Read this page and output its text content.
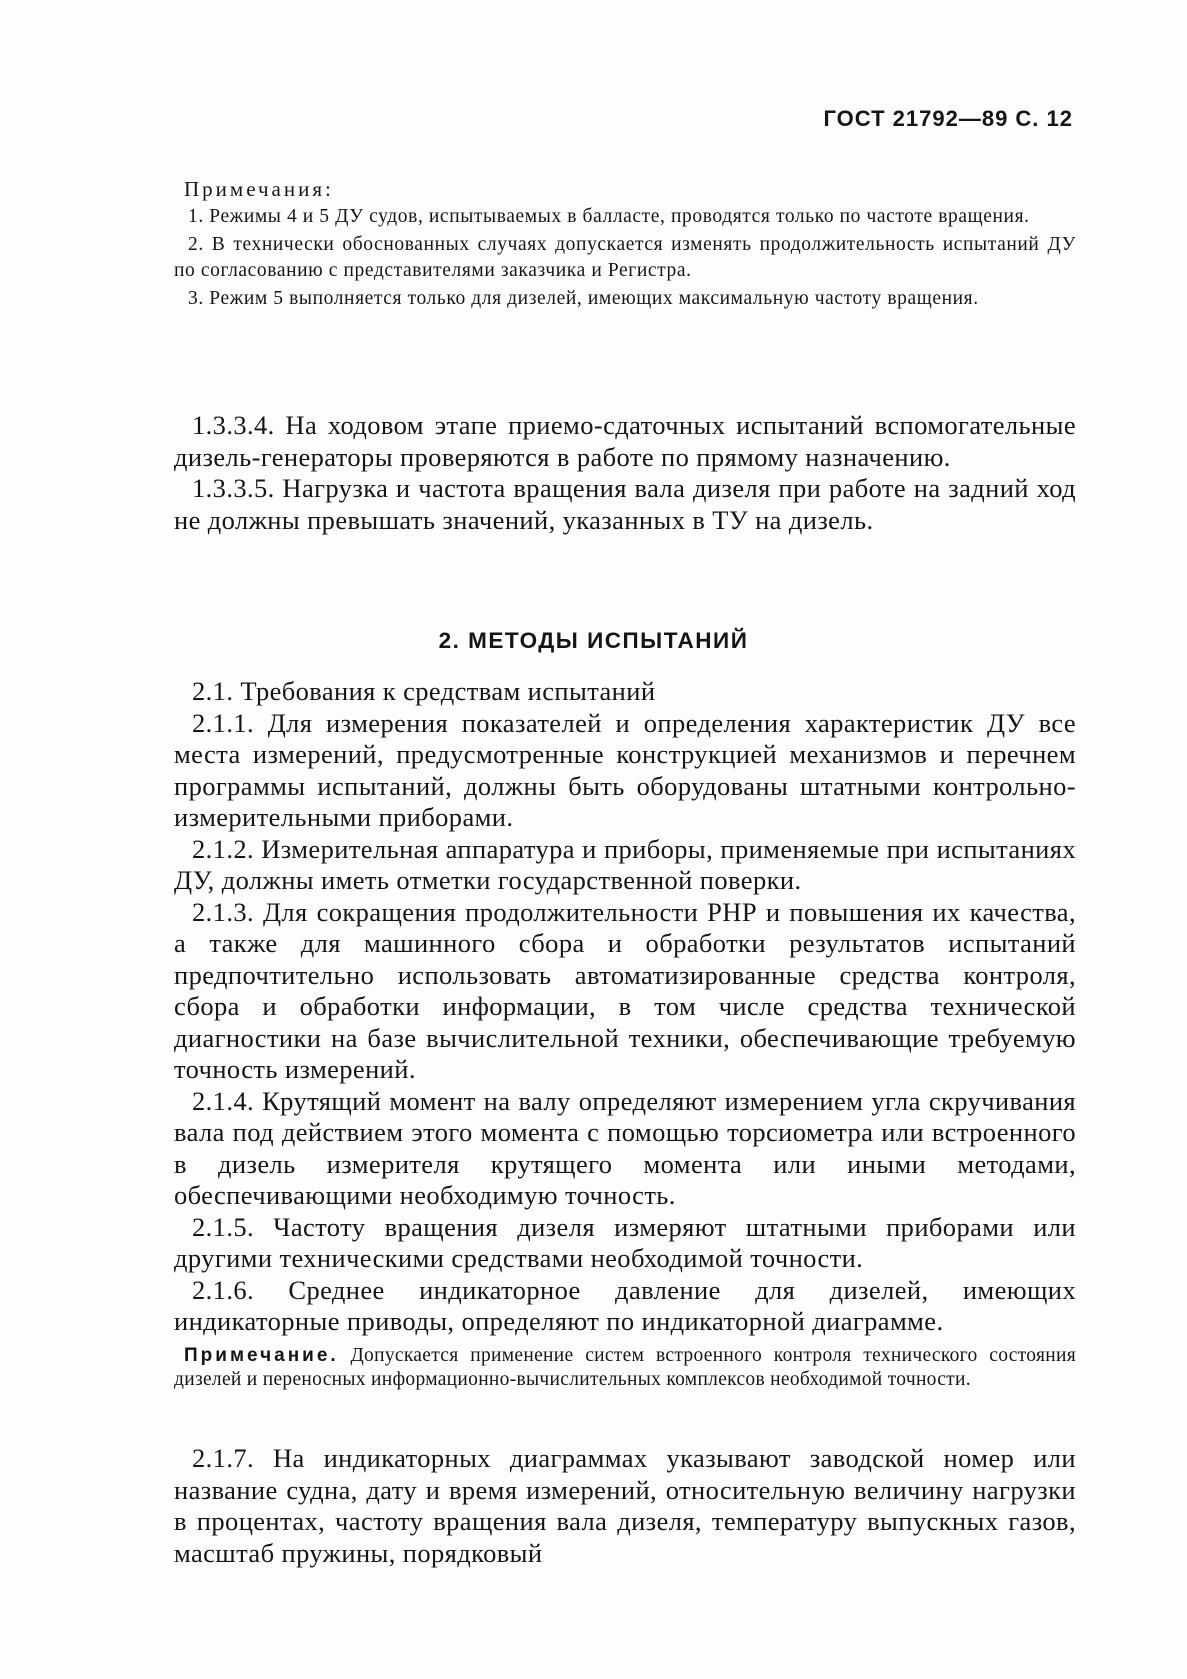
ГОСТ 21792—89 С. 12
Примечания:

1. Режимы 4 и 5 ДУ судов, испытываемых в балласте, проводятся только по частоте вращения.

2. В технически обоснованных случаях допускается изменять продолжительность испытаний ДУ по согласованию с представителями заказчика и Регистра.

3. Режим 5 выполняется только для дизелей, имеющих максимальную частоту вращения.

1.3.3.4. На ходовом этапе приемо-сдаточных испытаний вспомогательные дизель-генераторы проверяются в работе по прямому назначению.

1.3.3.5. Нагрузка и частота вращения вала дизеля при работе на задний ход не должны превышать значений, указанных в ТУ на дизель.

2. МЕТОДЫ ИСПЫТАНИЙ

2.1. Требования к средствам испытаний

2.1.1. Для измерения показателей и определения характеристик ДУ все места измерений, предусмотренные конструкцией механизмов и перечнем программы испытаний, должны быть оборудованы штатными контрольно-измерительными приборами.

2.1.2. Измерительная аппаратура и приборы, применяемые при испытаниях ДУ, должны иметь отметки государственной поверки.

2.1.3. Для сокращения продолжительности РНР и повышения их качества, а также для машинного сбора и обработки результатов испытаний предпочтительно использовать автоматизированные средства контроля, сбора и обработки информации, в том числе средства технической диагностики на базе вычислительной техники, обеспечивающие требуемую точность измерений.

2.1.4. Крутящий момент на валу определяют измерением угла скручивания вала под действием этого момента с помощью торсиометра или встроенного в дизель измерителя крутящего момента или иными методами, обеспечивающими необходимую точность.

2.1.5. Частоту вращения дизеля измеряют штатными приборами или другими техническими средствами необходимой точности.

2.1.6. Среднее индикаторное давление для дизелей, имеющих индикаторные приводы, определяют по индикаторной диаграмме.

Примечание. Допускается применение систем встроенного контроля технического состояния дизелей и переносных информационно-вычислительных комплексов необходимой точности.

2.1.7. На индикаторных диаграммах указывают заводской номер или название судна, дату и время измерений, относительную величину нагрузки в процентах, частоту вращения вала дизеля, температуру выпускных газов, масштаб пружины, порядковый
